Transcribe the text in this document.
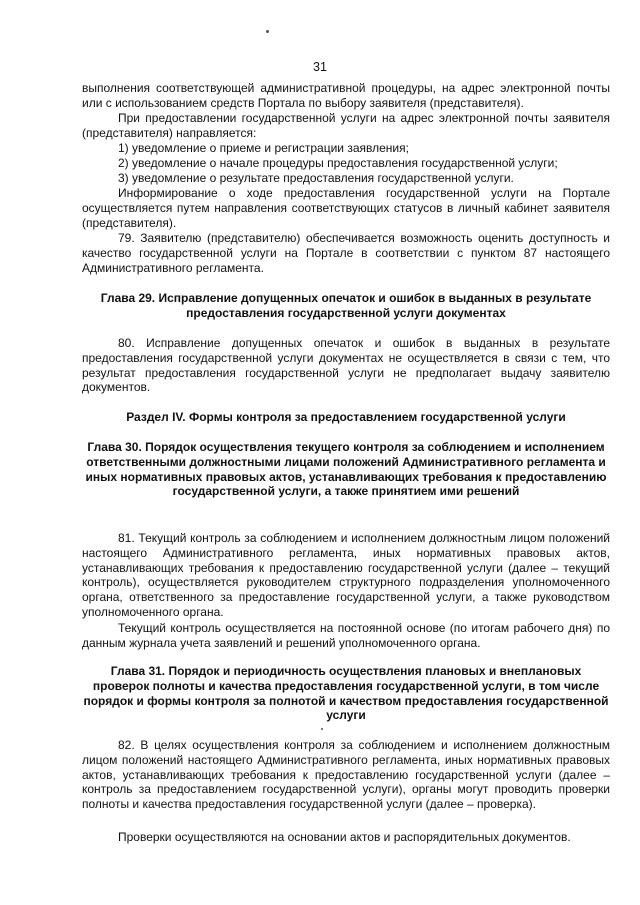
31
выполнения соответствующей административной процедуры, на адрес электронной почты или с использованием средств Портала по выбору заявителя (представителя).
При предоставлении государственной услуги на адрес электронной почты заявителя (представителя) направляется:
1) уведомление о приеме и регистрации заявления;
2) уведомление о начале процедуры предоставления государственной услуги;
3) уведомление о результате предоставления государственной услуги.
Информирование о ходе предоставления государственной услуги на Портале осуществляется путем направления соответствующих статусов в личный кабинет заявителя (представителя).
79. Заявителю (представителю) обеспечивается возможность оценить доступность и качество государственной услуги на Портале в соответствии с пунктом 87 настоящего Административного регламента.
Глава 29. Исправление допущенных опечаток и ошибок в выданных в результате предоставления государственной услуги документах
80. Исправление допущенных опечаток и ошибок в выданных в результате предоставления государственной услуги документах не осуществляется в связи с тем, что результат предоставления государственной услуги не предполагает выдачу заявителю документов.
Раздел IV. Формы контроля за предоставлением государственной услуги
Глава 30. Порядок осуществления текущего контроля за соблюдением и исполнением ответственными должностными лицами положений Административного регламента и иных нормативных правовых актов, устанавливающих требования к предоставлению государственной услуги, а также принятием ими решений
81. Текущий контроль за соблюдением и исполнением должностным лицом положений настоящего Административного регламента, иных нормативных правовых актов, устанавливающих требования к предоставлению государственной услуги (далее – текущий контроль), осуществляется руководителем структурного подразделения уполномоченного органа, ответственного за предоставление государственной услуги, а также руководством уполномоченного органа.
Текущий контроль осуществляется на постоянной основе (по итогам рабочего дня) по данным журнала учета заявлений и решений уполномоченного органа.
Глава 31. Порядок и периодичность осуществления плановых и внеплановых проверок полноты и качества предоставления государственной услуги, в том числе порядок и формы контроля за полнотой и качеством предоставления государственной услуги
82. В целях осуществления контроля за соблюдением и исполнением должностным лицом положений настоящего Административного регламента, иных нормативных правовых актов, устанавливающих требования к предоставлению государственной услуги (далее – контроль за предоставлением государственной услуги), органы могут проводить проверки полноты и качества предоставления государственной услуги (далее – проверка).
Проверки осуществляются на основании актов и распорядительных документов.
